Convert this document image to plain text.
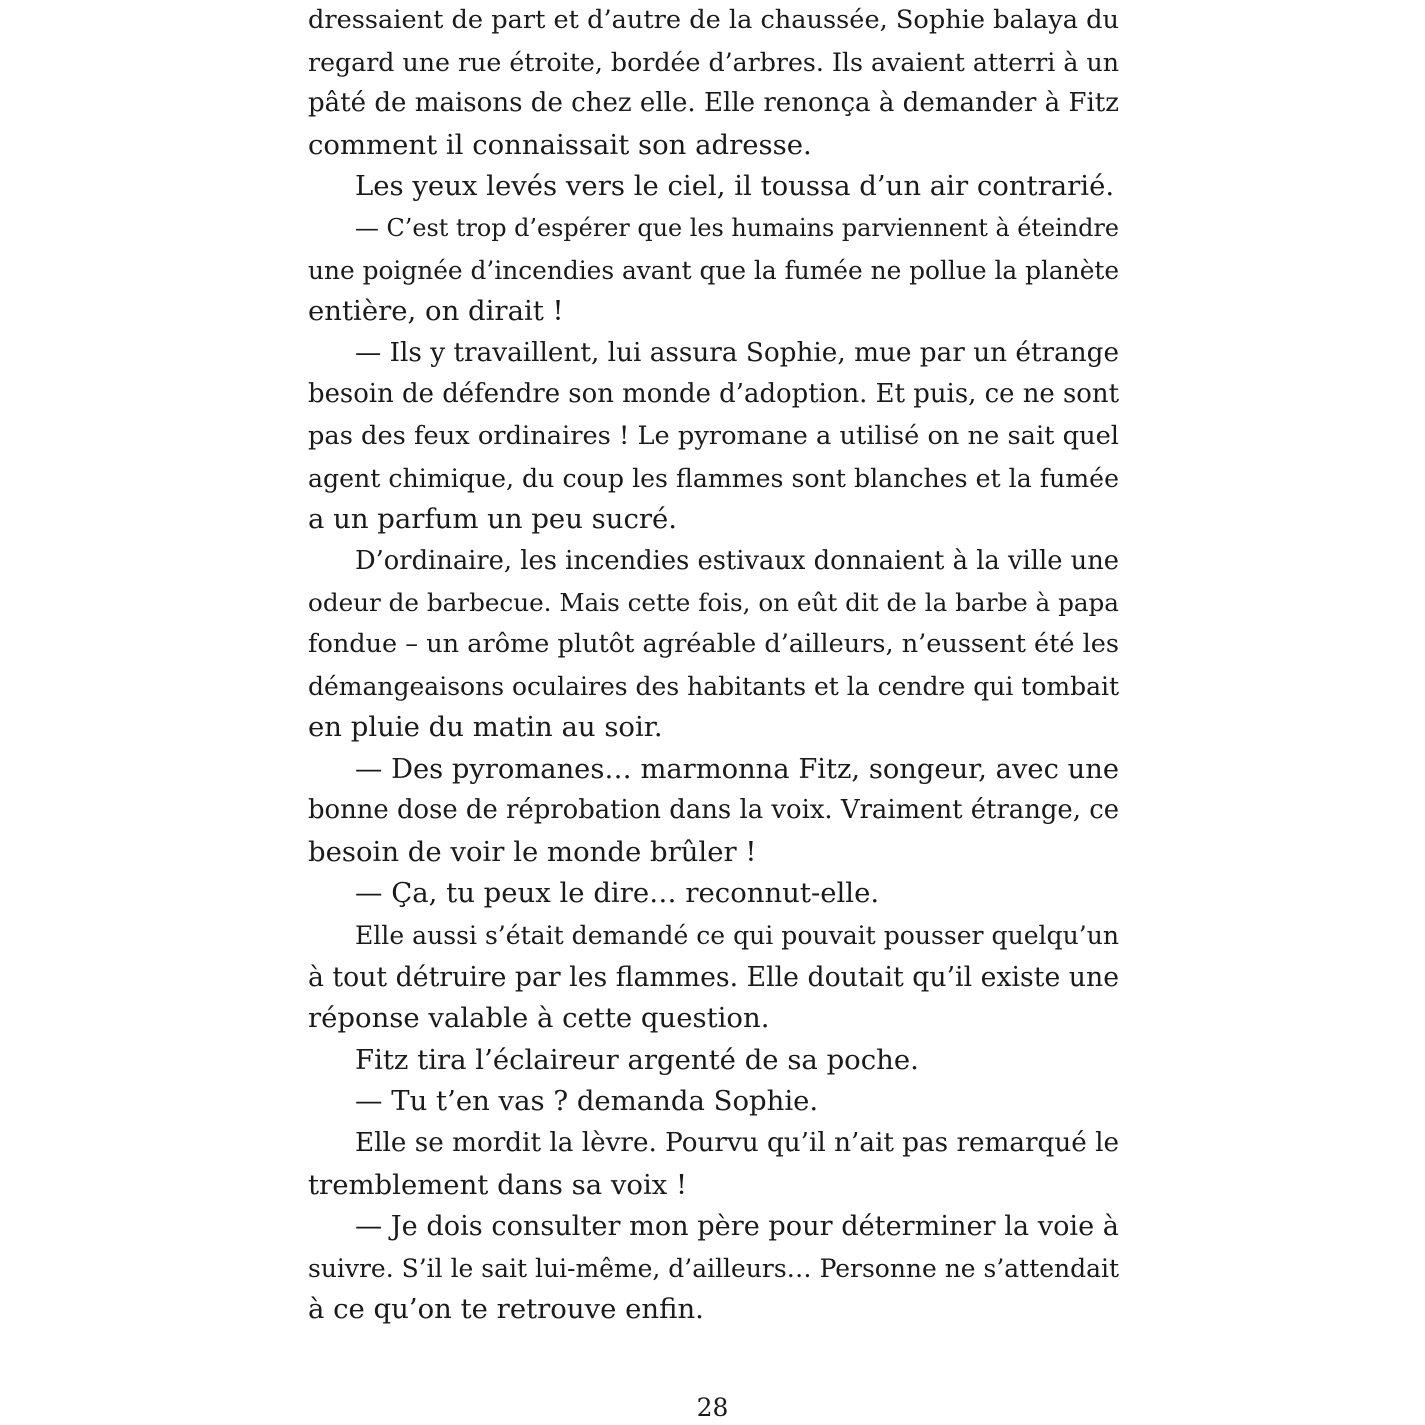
dressaient de part et d’autre de la chaussée, Sophie balaya du
regard une rue étroite, bordée d’arbres. Ils avaient atterri à un
pâté de maisons de chez elle. Elle renonça à demander à Fitz
comment il connaissait son adresse.
Les yeux levés vers le ciel, il toussa d’un air contrarié.
— C’est trop d’espérer que les humains parviennent à éteindre
une poignée d’incendies avant que la fumée ne pollue la planète
entière, on dirait !
— Ils y travaillent, lui assura Sophie, mue par un étrange
besoin de défendre son monde d’adoption. Et puis, ce ne sont
pas des feux ordinaires ! Le pyromane a utilisé on ne sait quel
agent chimique, du coup les flammes sont blanches et la fumée
a un parfum un peu sucré.
D’ordinaire, les incendies estivaux donnaient à la ville une
odeur de barbecue. Mais cette fois, on eût dit de la barbe à papa
fondue – un arôme plutôt agréable d’ailleurs, n’eussent été les
démangeaisons oculaires des habitants et la cendre qui tombait
en pluie du matin au soir.
— Des pyromanes… marmonna Fitz, songeur, avec une
bonne dose de réprobation dans la voix. Vraiment étrange, ce
besoin de voir le monde brûler !
— Ça, tu peux le dire… reconnut-elle.
Elle aussi s’était demandé ce qui pouvait pousser quelqu’un
à tout détruire par les flammes. Elle doutait qu’il existe une
réponse valable à cette question.
Fitz tira l’éclaireur argenté de sa poche.
— Tu t’en vas ? demanda Sophie.
Elle se mordit la lèvre. Pourvu qu’il n’ait pas remarqué le
tremblement dans sa voix !
— Je dois consulter mon père pour déterminer la voie à
suivre. S’il le sait lui-même, d’ailleurs… Personne ne s’attendait
à ce qu’on te retrouve enfin.
28
